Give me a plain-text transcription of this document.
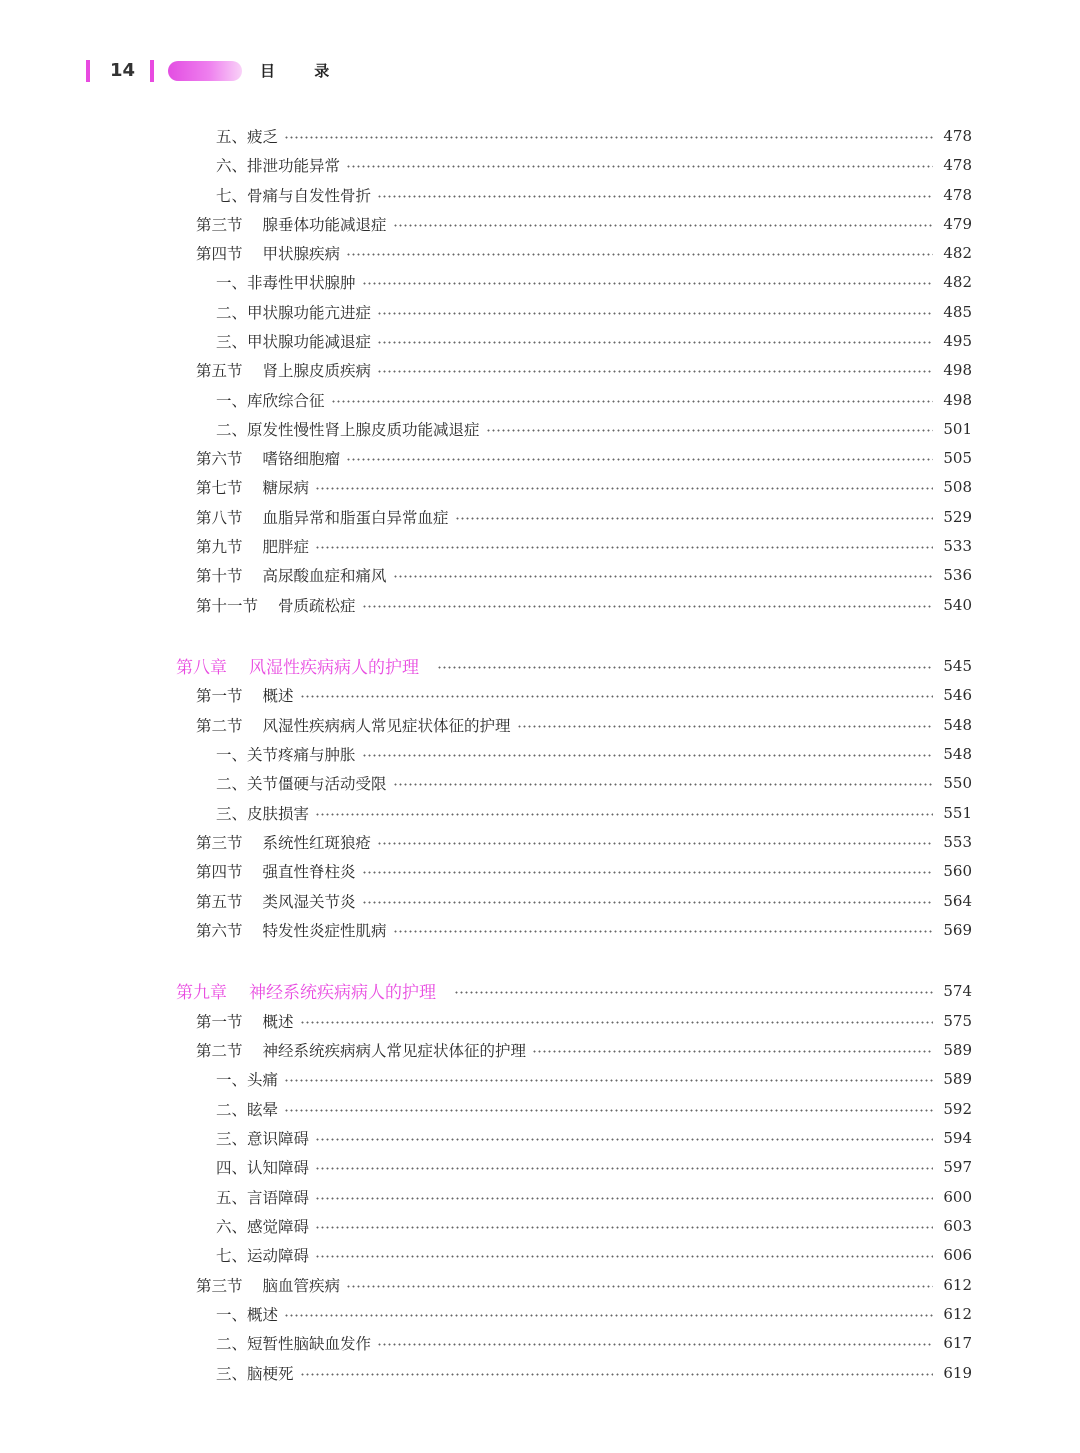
14	目 录
五、疲乏	478
六、排泄功能异常	478
七、骨痛与自发性骨折	478
第三节 腺垂体功能减退症	479
第四节 甲状腺疾病	482
一、非毒性甲状腺肿	482
二、甲状腺功能亢进症	485
三、甲状腺功能减退症	495
第五节 肾上腺皮质疾病	498
一、库欣综合征	498
二、原发性慢性肾上腺皮质功能减退症	501
第六节 嗜铬细胞瘤	505
第七节 糖尿病	508
第八节 血脂异常和脂蛋白异常血症	529
第九节 肥胖症	533
第十节 高尿酸血症和痛风	536
第十一节 骨质疏松症	540
第八章 风湿性疾病病人的护理	545
第一节 概述	546
第二节 风湿性疾病病人常见症状体征的护理	548
一、关节疼痛与肿胀	548
二、关节僵硬与活动受限	550
三、皮肤损害	551
第三节 系统性红斑狼疮	553
第四节 强直性脊柱炎	560
第五节 类风湿关节炎	564
第六节 特发性炎症性肌病	569
第九章 神经系统疾病病人的护理	574
第一节 概述	575
第二节 神经系统疾病病人常见症状体征的护理	589
一、头痛	589
二、眩晕	592
三、意识障碍	594
四、认知障碍	597
五、言语障碍	600
六、感觉障碍	603
七、运动障碍	606
第三节 脑血管疾病	612
一、概述	612
二、短暂性脑缺血发作	617
三、脑梗死	619
